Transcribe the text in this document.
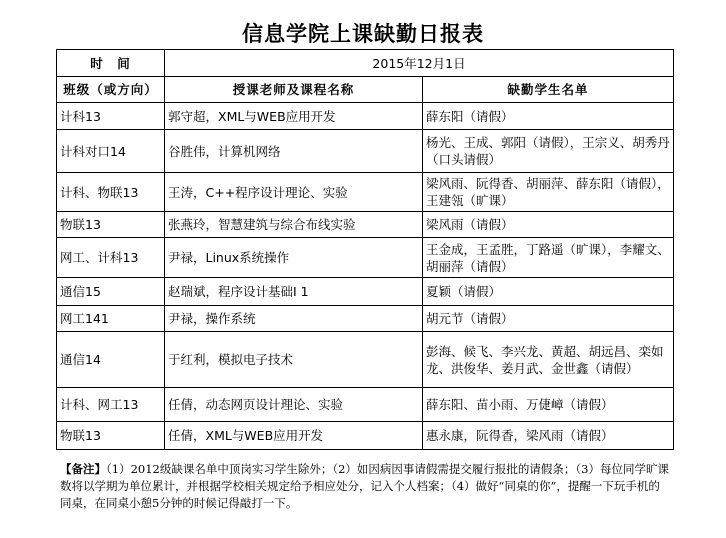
信息学院上课缺勤日报表
时　间	2015年12月1日	
班级（或方向）	授课老师及课程名称	缺勤学生名单
计科13	郭守超，XML与WEB应用开发	薛东阳（请假）
计科对口14	谷胜伟，计算机网络	杨光、王成、郭阳（请假），王宗义、胡秀丹（口头请假）
计科、物联13	王涛，C++程序设计理论、实验	梁风雨、阮得香、胡丽萍、薛东阳（请假），王建瓴（旷课）
物联13	张燕玲，智慧建筑与综合布线实验	梁风雨（请假）
网工、计科13	尹禄，Linux系统操作	王金成，王孟胜，丁路遥（旷课），李耀文、胡丽萍（请假）
通信15	赵瑞斌，程序设计基础I 1	夏颖（请假）
网工141	尹禄，操作系统	胡元节（请假）
通信14	于红利，模拟电子技术	彭海、候飞、李兴龙、黄超、胡远昌、栾如龙、洪俊华、姜月武、金世鑫（请假）
计科、网工13	任倩，动态网页设计理论、实验	薛东阳、苗小雨、万倢嶂（请假）
物联13	任倩，XML与WEB应用开发	惠永康，阮得香，梁风雨（请假）
【备注】（1）2012级缺课名单中顶岗实习学生除外；（2）如因病因事请假需提交履行报批的请假条；（3）每位同学旷课数将以学期为单位累计，并根据学校相关规定给予相应处分，记入个人档案；（4）做好“同桌的你”，提醒一下玩手机的同桌，在同桌小憩5分钟的时候记得敲打一下。
